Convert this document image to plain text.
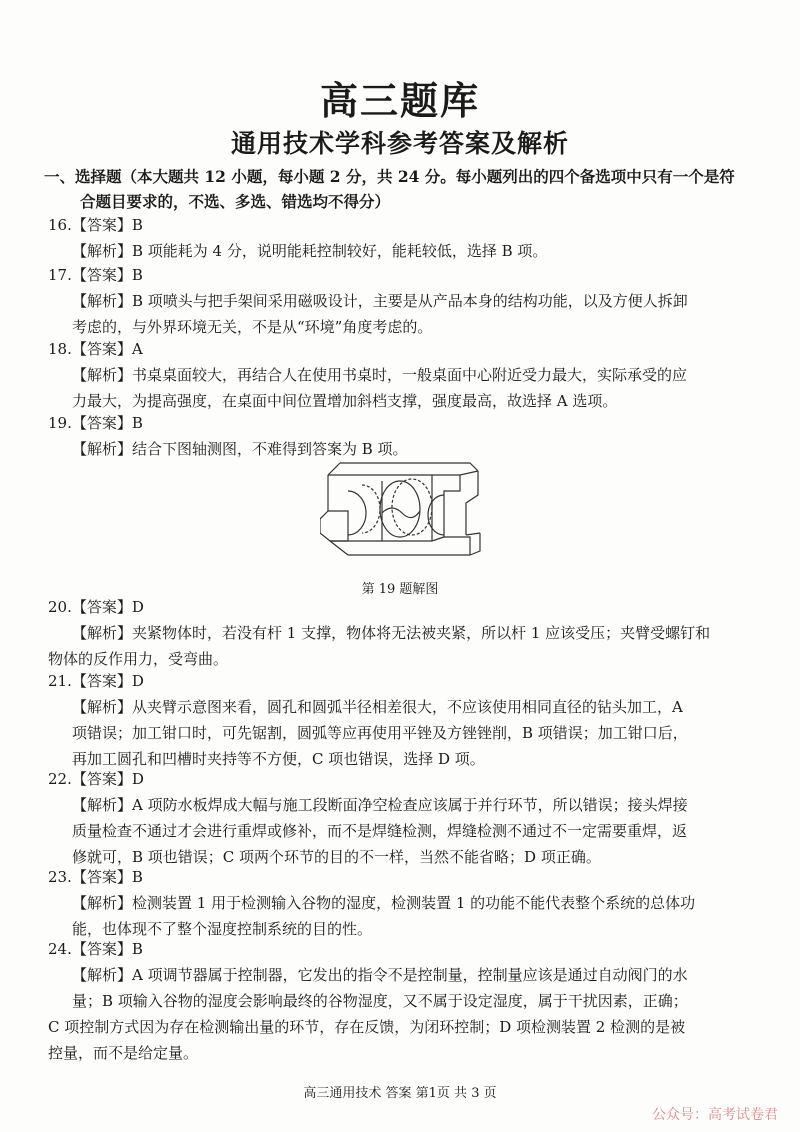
高三题库
通用技术学科参考答案及解析
一、选择题（本大题共 12 小题，每小题 2 分，共 24 分。每小题列出的四个备选项中只有一个是符
合题目要求的，不选、多选、错选均不得分）
16.【答案】B
【解析】B 项能耗为 4 分，说明能耗控制较好，能耗较低，选择 B 项。
17.【答案】B
【解析】B 项喷头与把手架间采用磁吸设计，主要是从产品本身的结构功能，以及方便人拆卸
考虑的，与外界环境无关，不是从“环境”角度考虑的。
18.【答案】A
【解析】书桌桌面较大，再结合人在使用书桌时，一般桌面中心附近受力最大，实际承受的应
力最大，为提高强度，在桌面中间位置增加斜档支撑，强度最高，故选择 A 选项。
19.【答案】B
【解析】结合下图轴测图，不难得到答案为 B 项。
第 19 题解图
20.【答案】D
【解析】夹紧物体时，若没有杆 1 支撑，物体将无法被夹紧，所以杆 1 应该受压；夹臂受螺钉和
物体的反作用力，受弯曲。
21.【答案】D
【解析】从夹臂示意图来看，圆孔和圆弧半径相差很大，不应该使用相同直径的钻头加工，A
项错误；加工钳口时，可先锯割，圆弧等应再使用平锉及方锉锉削，B 项错误；加工钳口后，
再加工圆孔和凹槽时夹持等不方便，C 项也错误，选择 D 项。
22.【答案】D
【解析】A 项防水板焊成大幅与施工段断面净空检查应该属于并行环节，所以错误；接头焊接
质量检查不通过才会进行重焊或修补，而不是焊缝检测，焊缝检测不通过不一定需要重焊，返
修就可，B 项也错误；C 项两个环节的目的不一样，当然不能省略；D 项正确。
23.【答案】B
【解析】检测装置 1 用于检测输入谷物的湿度，检测装置 1 的功能不能代表整个系统的总体功
能，也体现不了整个湿度控制系统的目的性。
24.【答案】B
【解析】A 项调节器属于控制器，它发出的指令不是控制量，控制量应该是通过自动阀门的水
量；B 项输入谷物的湿度会影响最终的谷物湿度，又不属于设定湿度，属于干扰因素，正确；
C 项控制方式因为存在检测输出量的环节，存在反馈，为闭环控制；D 项检测装置 2 检测的是被
控量，而不是给定量。
高三通用技术 答案 第1页 共 3 页
公众号：高考试卷君
